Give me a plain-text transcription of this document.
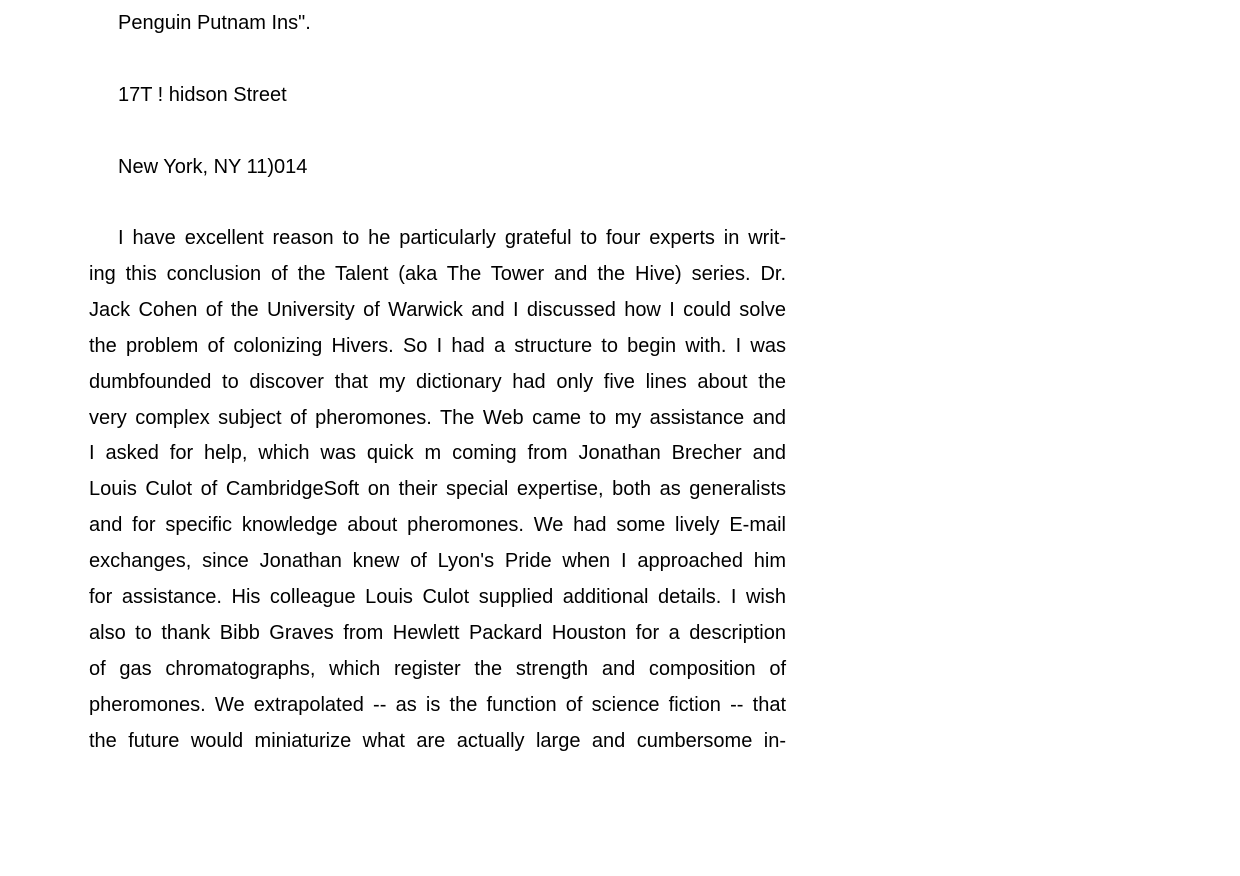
Penguin Putnam Ins".
17T ! hidson Street
New York, NY 11)014
I have excellent reason to he particularly grateful to four experts in writ-
ing this conclusion of the Talent (aka The Tower and the Hive) series. Dr.
Jack Cohen of the University of Warwick and I discussed how I could solve
the problem of colonizing Hivers. So I had a structure to begin with. I was
dumbfounded to discover that my dictionary had only five lines about the
very complex subject of pheromones. The Web came to my assistance and
I asked for help, which was quick m coming from Jonathan Brecher and
Louis Culot of CambridgeSoft on their special expertise, both as generalists
and for specific knowledge about pheromones. We had some lively E-mail
exchanges, since Jonathan knew of Lyon's Pride when I approached him
for assistance. His colleague Louis Culot supplied additional details. I wish
also to thank Bibb Graves from Hewlett Packard Houston for a description
of gas chromatographs, which register the strength and composition of
pheromones. We extrapolated -- as is the function of science fiction -- that
the future would miniaturize what are actually large and cumbersome in-
